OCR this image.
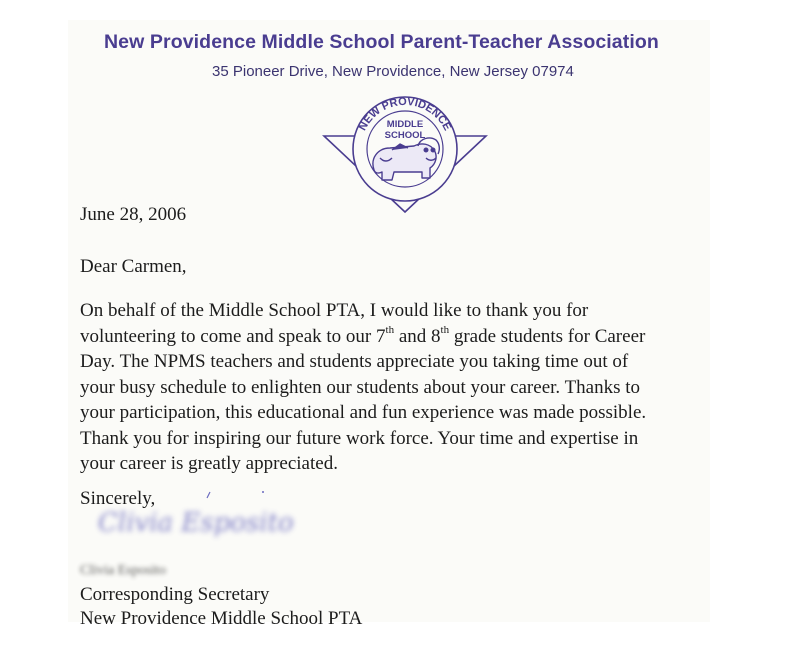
New Providence Middle School Parent-Teacher Association
35 Pioneer Drive, New Providence, New Jersey 07974
NEW PROVIDENCE
MIDDLE
SCHOOL
June 28, 2006
Dear Carmen,
On behalf of the Middle School PTA, I would like to thank you for
volunteering to come and speak to our 7th and 8th grade students for Career
Day. The NPMS teachers and students appreciate you taking time out of
your busy schedule to enlighten our students about your career. Thanks to
your participation, this educational and fun experience was made possible.
Thank you for inspiring our future work force. Your time and expertise in
your career is greatly appreciated.
Sincerely,
Clivia Esposito
Clivia Esposito
Corresponding Secretary
New Providence Middle School PTA
